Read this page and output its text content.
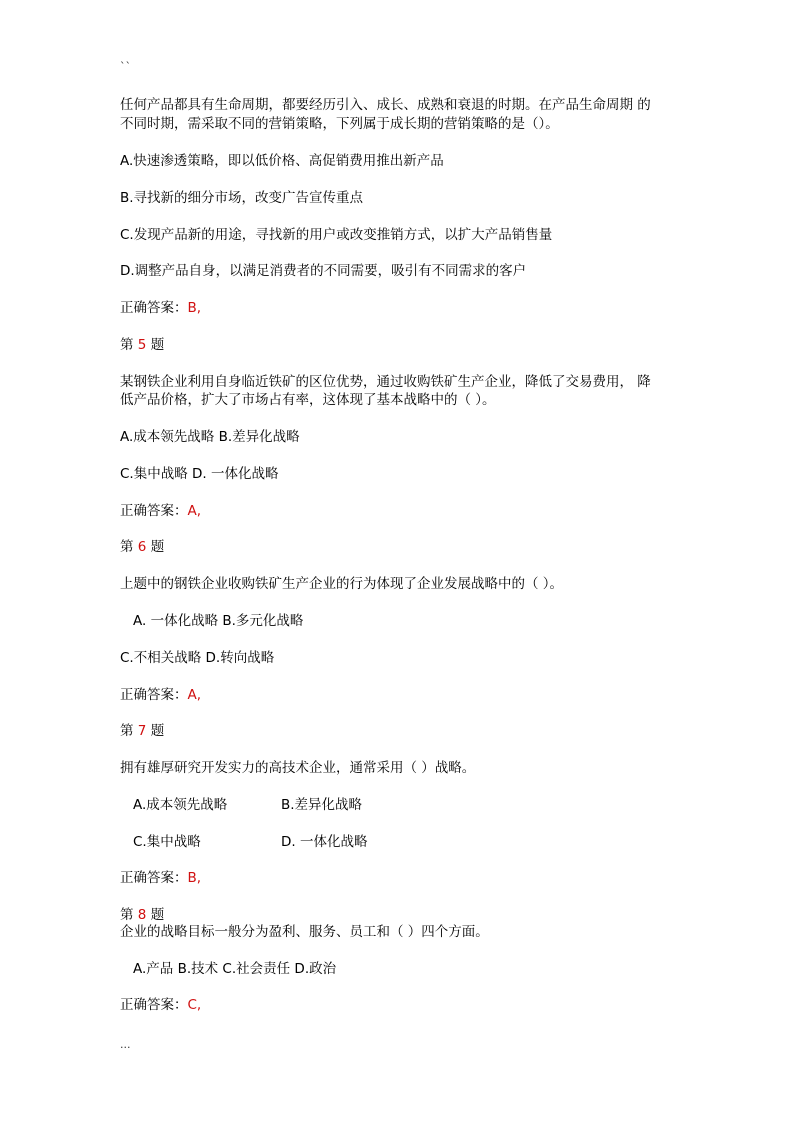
``
任何产品都具有生命周期，都要经历引入、成长、成熟和衰退的时期。在产品生命周期 的
不同时期，需采取不同的营销策略，下列属于成长期的营销策略的是（）。
A.快速渗透策略，即以低价格、高促销费用推出新产品
B.寻找新的细分市场，改变广告宣传重点
C.发现产品新的用途，寻找新的用户或改变推销方式，以扩大产品销售量
D.调整产品自身，以满足消费者的不同需要，吸引有不同需求的客户
正确答案：B,
第 5 题
某钢铁企业利用自身临近铁矿的区位优势，通过收购铁矿生产企业，降低了交易费用， 降
低产品价格，扩大了市场占有率，这体现了基本战略中的（ ）。
A.成本领先战略 B.差异化战略
C.集中战略 D. 一体化战略
正确答案：A,
第 6 题
上题中的钢铁企业收购铁矿生产企业的行为体现了企业发展战略中的（ ）。
A. 一体化战略 B.多元化战略
C.不相关战略 D.转向战略
正确答案：A,
第 7 题
拥有雄厚研究开发实力的高技术企业，通常采用（ ）战略。
A.成本领先战略	B.差异化战略
C.集中战略	D. 一体化战略
正确答案：B,
第 8 题
企业的战略目标一般分为盈利、服务、员工和（ ）四个方面。
A.产品 B.技术 C.社会责任 D.政治
正确答案：C,
...
